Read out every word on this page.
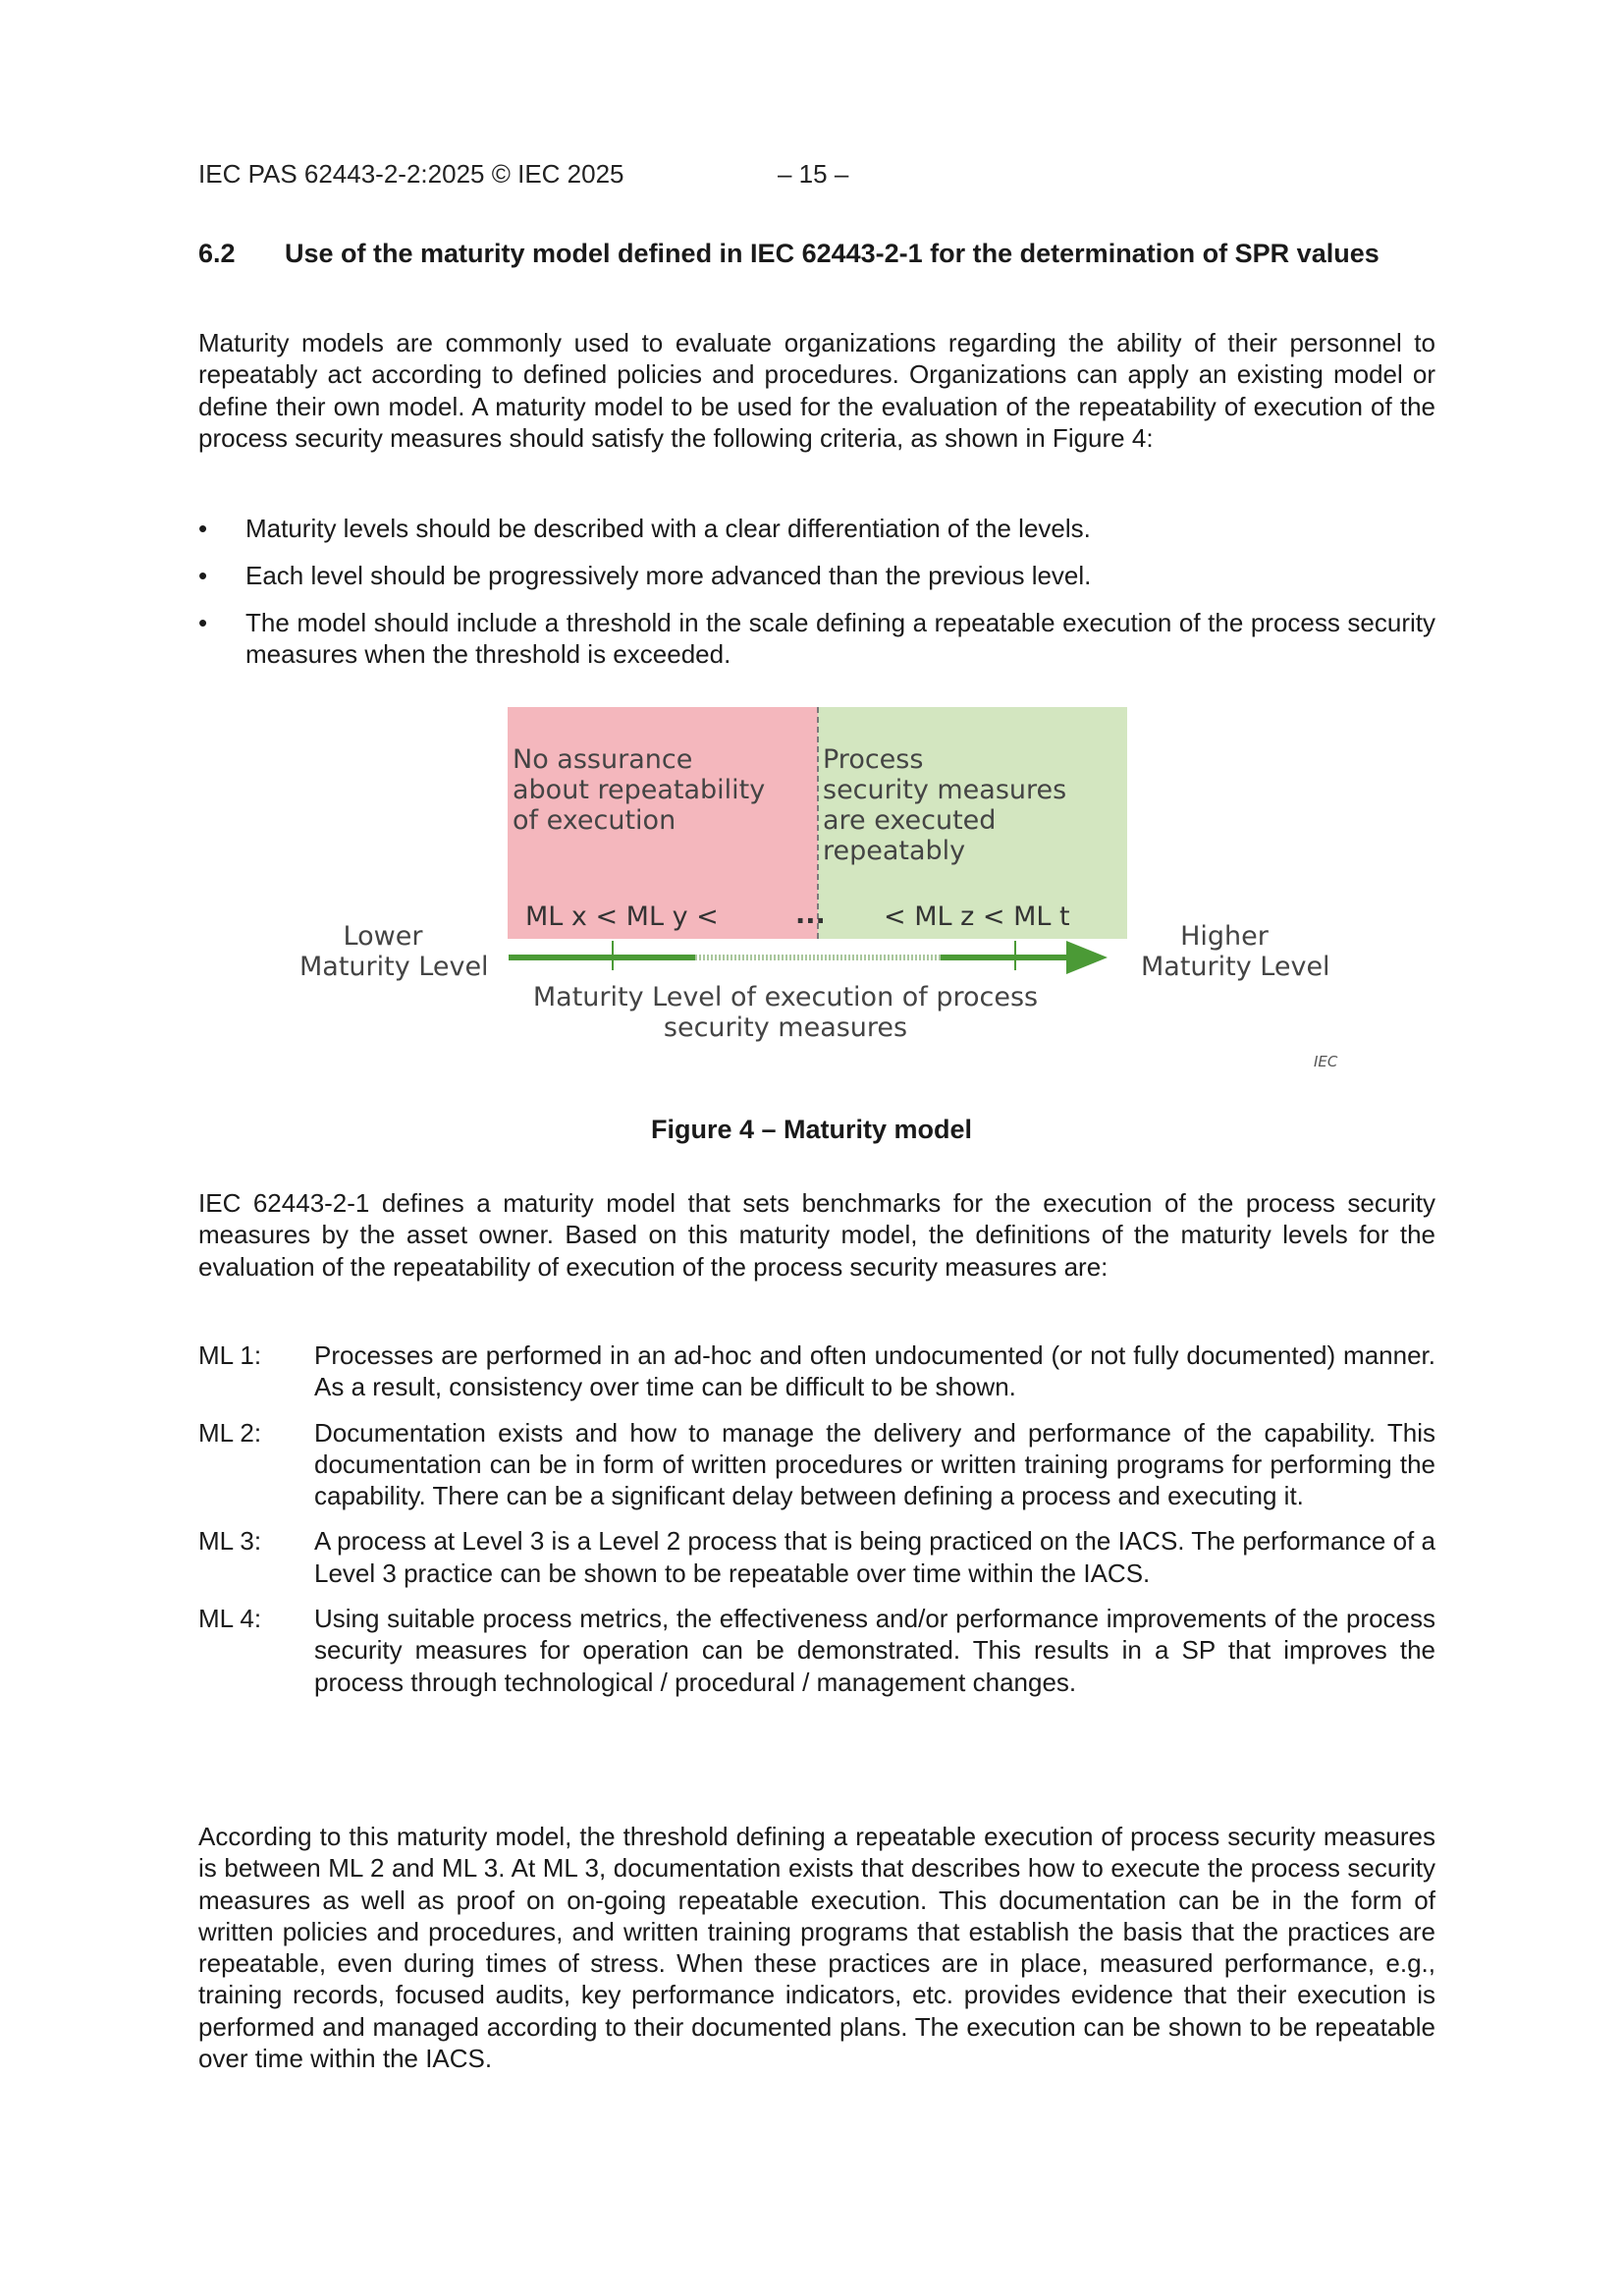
IEC PAS 62443-2-2:2025 © IEC 2025	– 15 –
6.2 Use of the maturity model defined in IEC 62443-2-1 for the determination of SPR values

Maturity models are commonly used to evaluate organizations regarding the ability of their personnel to repeatably act according to defined policies and procedures. Organizations can apply an existing model or define their own model. A maturity model to be used for the evaluation of the repeatability of execution of the process security measures should satisfy the following criteria, as shown in Figure 4:

• Maturity levels should be described with a clear differentiation of the levels.
• Each level should be progressively more advanced than the previous level.
• The model should include a threshold in the scale defining a repeatable execution of the process security measures when the threshold is exceeded.
No assurance
about repeatability
of execution
Process
security measures
are executed
repeatably
ML x < ML y <	... < ML z < ML t
Lower
Maturity Level
Higher
Maturity Level
Maturity Level of execution of process
security measures
IEC
Figure 4 – Maturity model

IEC 62443-2-1 defines a maturity model that sets benchmarks for the execution of the process security measures by the asset owner. Based on this maturity model, the definitions of the maturity levels for the evaluation of the repeatability of execution of the process security measures are:

ML 1: Processes are performed in an ad-hoc and often undocumented (or not fully documented) manner. As a result, consistency over time can be difficult to be shown.
ML 2: Documentation exists and how to manage the delivery and performance of the capability. This documentation can be in form of written procedures or written training programs for performing the capability. There can be a significant delay between defining a process and executing it.
ML 3: A process at Level 3 is a Level 2 process that is being practiced on the IACS. The performance of a Level 3 practice can be shown to be repeatable over time within the IACS.
ML 4: Using suitable process metrics, the effectiveness and/or performance improvements of the process security measures for operation can be demonstrated. This results in a SP that improves the process through technological / procedural / management changes.

According to this maturity model, the threshold defining a repeatable execution of process security measures is between ML 2 and ML 3. At ML 3, documentation exists that describes how to execute the process security measures as well as proof on on-going repeatable execution. This documentation can be in the form of written policies and procedures, and written training programs that establish the basis that the practices are repeatable, even during times of stress. When these practices are in place, measured performance, e.g., training records, focused audits, key performance indicators, etc. provides evidence that their execution is performed and managed according to their documented plans. The execution can be shown to be repeatable over time within the IACS.
